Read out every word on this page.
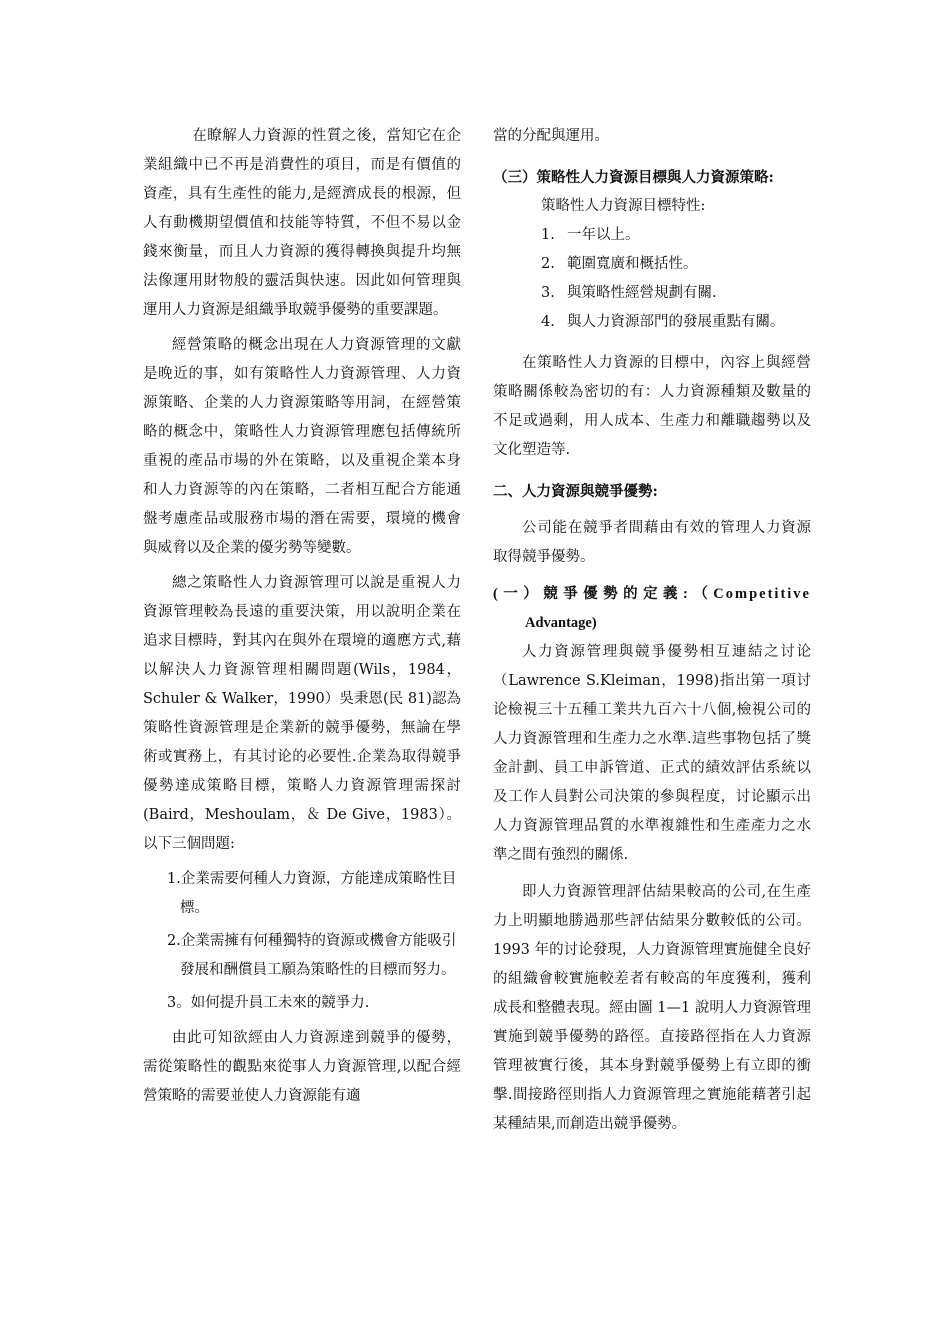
在瞭解人力資源的性質之後，當知它在企業組織中已不再是消費性的項目，而是有價值的資產，具有生產性的能力,是經濟成長的根源，但人有動機期望價值和技能等特質，不但不易以金錢來衡量，而且人力資源的獲得轉換與提升均無法像運用財物般的靈活與快速。因此如何管理與運用人力資源是組織爭取競爭優勢的重要課題。

經營策略的概念出現在人力資源管理的文獻是晚近的事，如有策略性人力資源管理、人力資源策略、企業的人力資源策略等用詞，在經營策略的概念中，策略性人力資源管理應包括傳統所重視的產品市場的外在策略，以及重視企業本身和人力資源等的內在策略，二者相互配合方能通盤考慮產品或服務市場的潛在需要，環境的機會與威脅以及企業的優劣勢等變數。

總之策略性人力資源管理可以說是重視人力資源管理較為長遠的重要決策，用以說明企業在追求目標時，對其內在與外在環境的適應方式,藉以解決人力資源管理相關問題(Wils，1984，Schuler & Walker，1990）吳秉恩(民 81)認為策略性資源管理是企業新的競爭優勢，無論在學術或實務上，有其讨论的必要性.企業為取得競爭優勢達成策略目標，策略人力資源管理需探討(Baird，Meshoulam，＆ De Give，1983）。以下三個問題:

1.企業需要何種人力資源，方能達成策略性目標。
2.企業需擁有何種獨特的資源或機會方能吸引發展和酬償員工願為策略性的目標而努力。
3。如何提升員工未來的競爭力.

由此可知欲經由人力資源達到競爭的優勢，需從策略性的觀點來從事人力資源管理,以配合經營策略的需要並使人力資源能有適

當的分配與運用。

（三）策略性人力資源目標與人力資源策略:

策略性人力資源目標特性:

1. 一年以上。
2. 範圍寬廣和概括性。
3. 與策略性經營規劃有關.
4. 與人力資源部門的發展重點有關。

在策略性人力資源的目標中，內容上與經營策略關係較為密切的有：人力資源種類及數量的不足或過剩，用人成本、生產力和離職趨勢以及文化塑造等.

二、人力資源與競爭優勢:

公司能在競爭者間藉由有效的管理人力資源取得競爭優勢。

(一）競爭優勢的定義:（Competitive

Advantage)

人力資源管理與競爭優勢相互連結之讨论（Lawrence S.Kleiman，1998)指出第一項讨论檢視三十五種工業共九百六十八個,檢視公司的人力資源管理和生產力之水準.這些事物包括了獎金計劃、員工申訴管道、正式的績效評估系統以及工作人員對公司決策的參與程度，讨论顯示出人力資源管理品質的水準複雜性和生產產力之水準之間有強烈的關係.

即人力資源管理評估結果較高的公司,在生產力上明顯地勝過那些評估結果分數較低的公司。1993 年的讨论發現，人力資源管理實施健全良好的組織會較實施較差者有較高的年度獲利，獲利成長和整體表現。經由圖 1—1 說明人力資源管理實施到競爭優勢的路徑。直接路徑指在人力資源管理被實行後，其本身對競爭優勢上有立即的衝擊.間接路徑則指人力資源管理之實施能藉著引起某種結果,而創造出競爭優勢。
